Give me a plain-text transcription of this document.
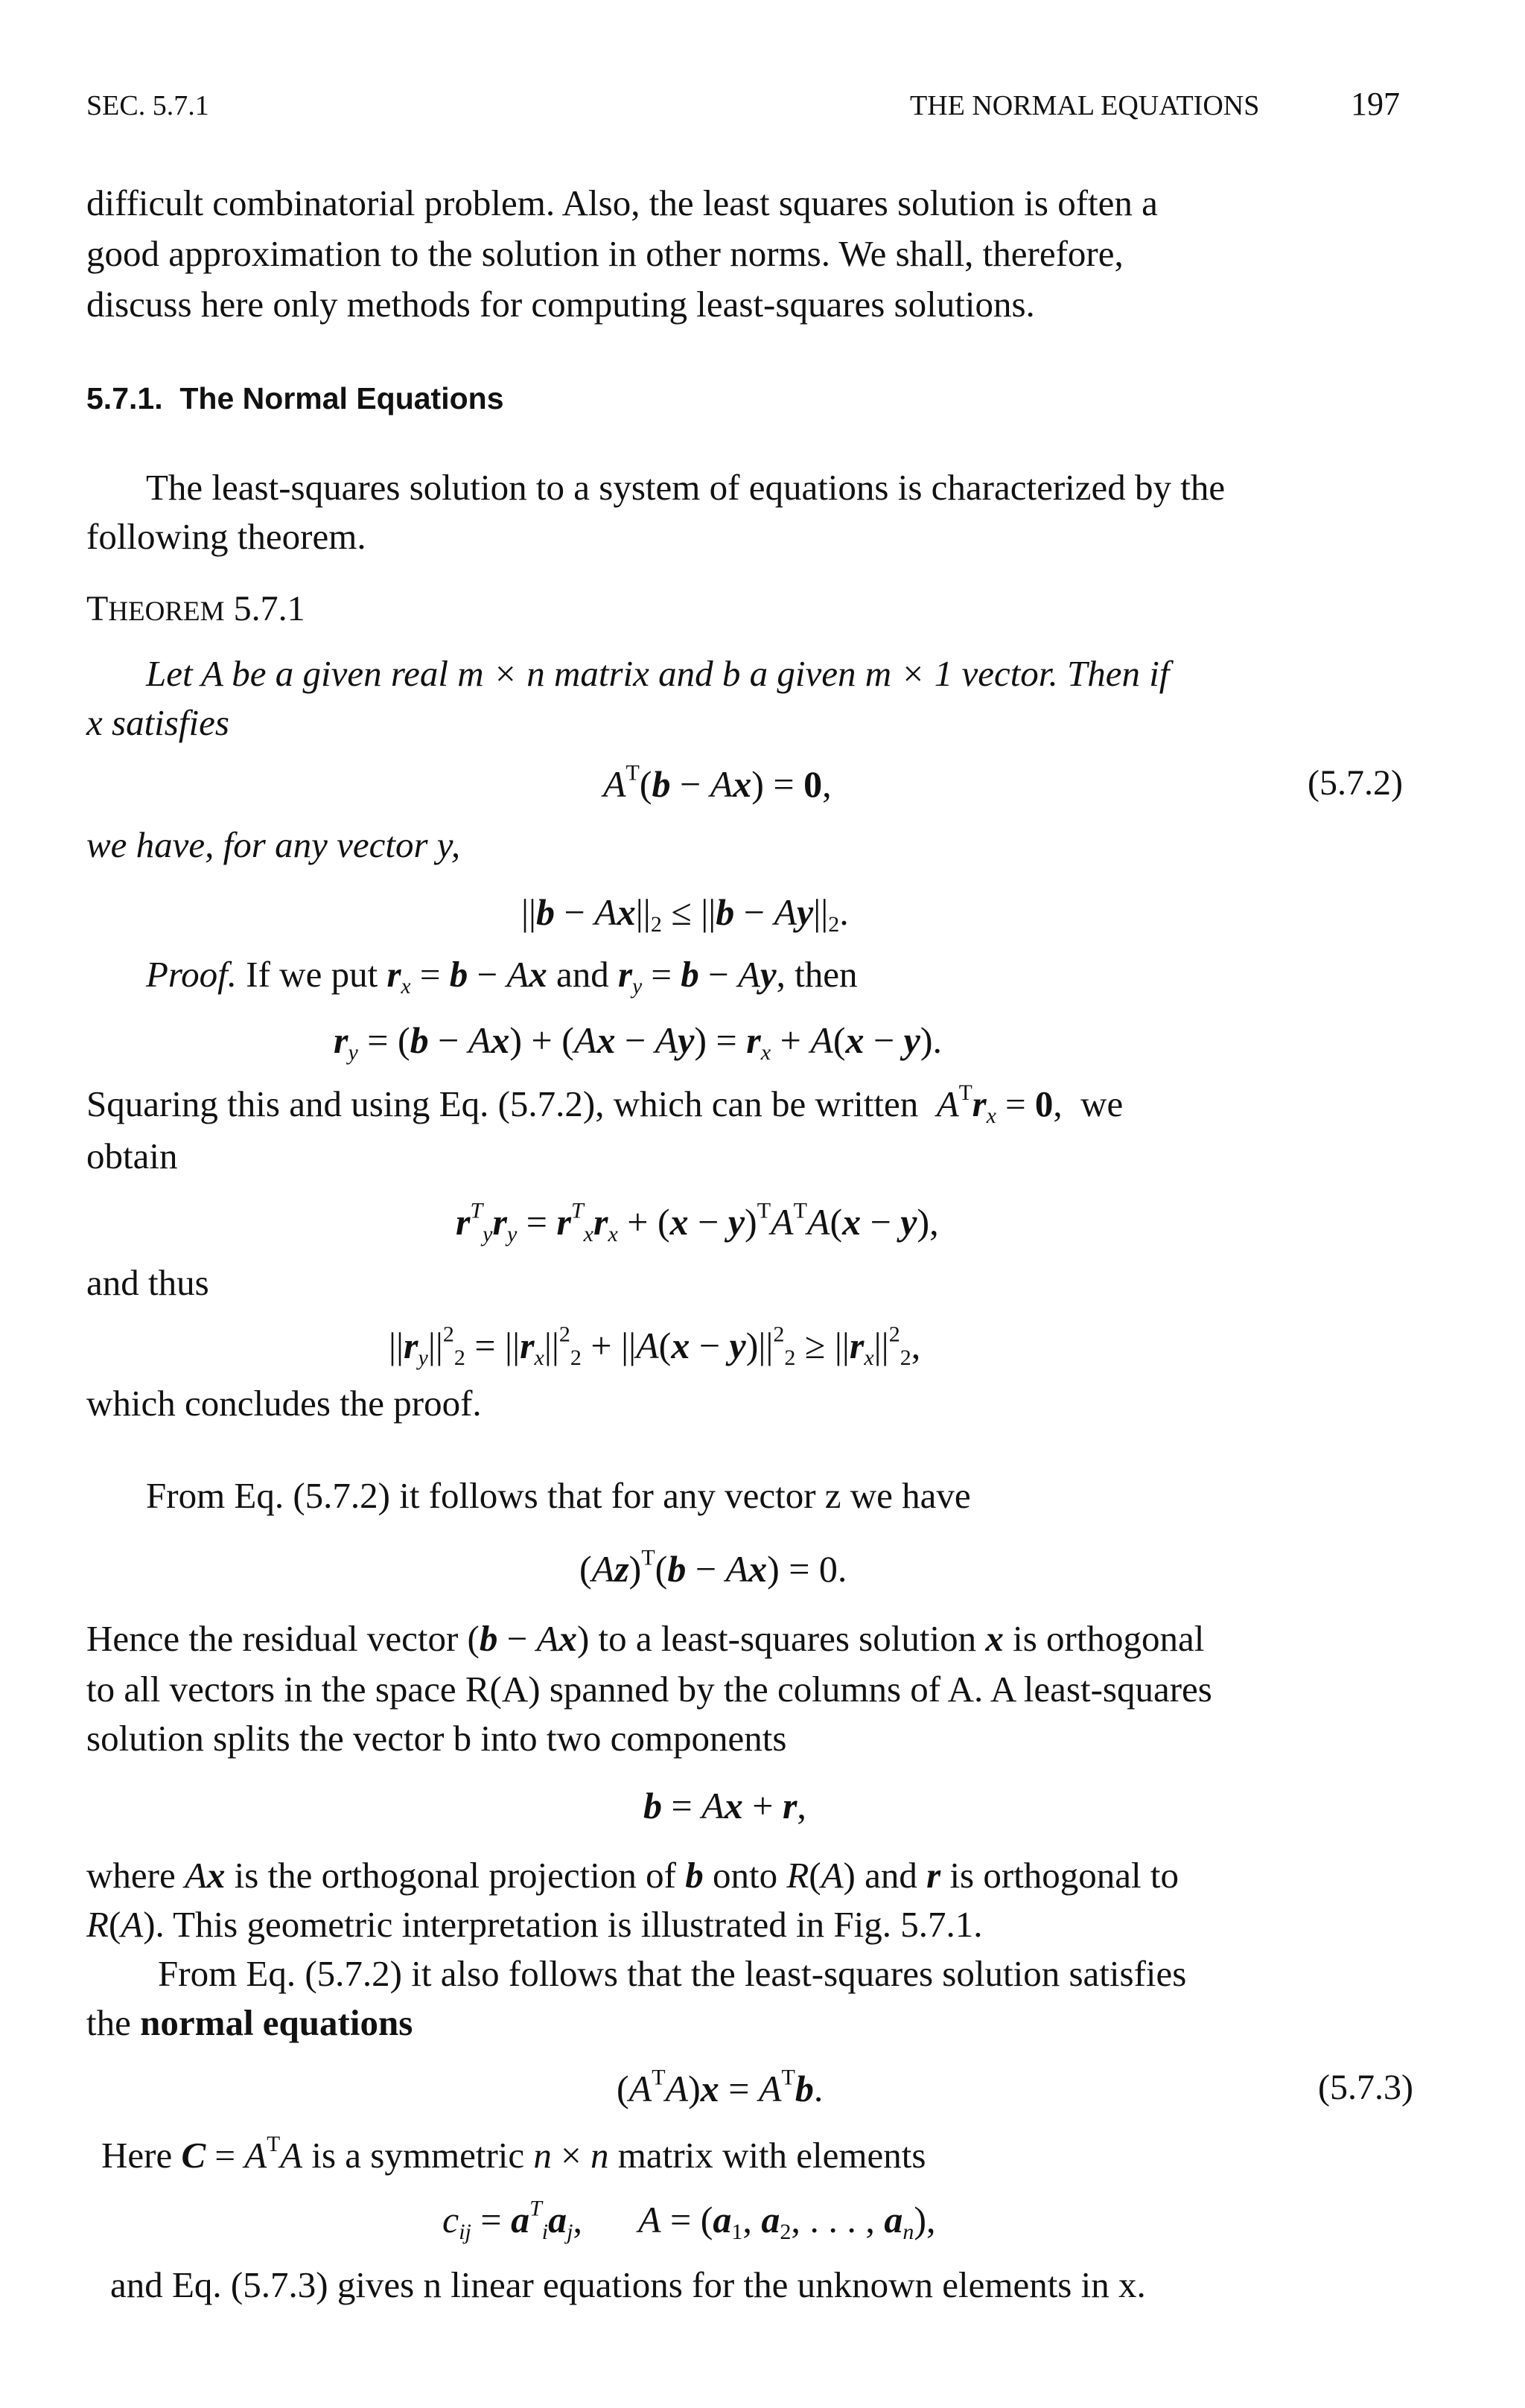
SEC. 5.7.1	THE NORMAL EQUATIONS	197
difficult combinatorial problem. Also, the least squares solution is often a
good approximation to the solution in other norms. We shall, therefore,
discuss here only methods for computing least-squares solutions.
5.7.1. The Normal Equations
The least-squares solution to a system of equations is characterized by the
following theorem.
THEOREM 5.7.1
Let A be a given real m × n matrix and b a given m × 1 vector. Then if
x satisfies
$A^T(b - Ax) = 0$,	(5.7.2)
we have, for any vector y,
$||b - Ax||_2 \le ||b - Ay||_2$.
Proof. If we put $r_x = b - Ax$ and $r_y = b - Ay$, then
$r_y = (b - Ax) + (Ax - Ay) = r_x + A(x - y)$.
Squaring this and using Eq. (5.7.2), which can be written $A^Tr_x = 0$,  we
obtain
$r^T_yr_y = r^T_xr_x + (x - y)^TA^TA(x - y)$,
and thus
$||r_y||^2_2 = ||r_x||^2_2 + ||A(x - y)||^2_2 \ge ||r_x||^2_2$,
which concludes the proof.
From Eq. (5.7.2) it follows that for any vector z we have
$(Az)^T(b - Ax) = 0$.
Hence the residual vector (b − Ax) to a least-squares solution x is orthogonal
to all vectors in the space R(A) spanned by the columns of A. A least-squares
solution splits the vector b into two components
b = Ax + r,
where Ax is the orthogonal projection of b onto R(A) and r is orthogonal to
R(A). This geometric interpretation is illustrated in Fig. 5.7.1.
From Eq. (5.7.2) it also follows that the least-squares solution satisfies
the normal equations
$(A^TA)x = A^Tb$.	(5.7.3)
Here $C = A^TA$ is a symmetric n × n matrix with elements
$c_{ij} = a^T_ia_j$,      $A = (a_1$, $a_2$, . . . , $a_n$),
and Eq. (5.7.3) gives n linear equations for the unknown elements in x.
